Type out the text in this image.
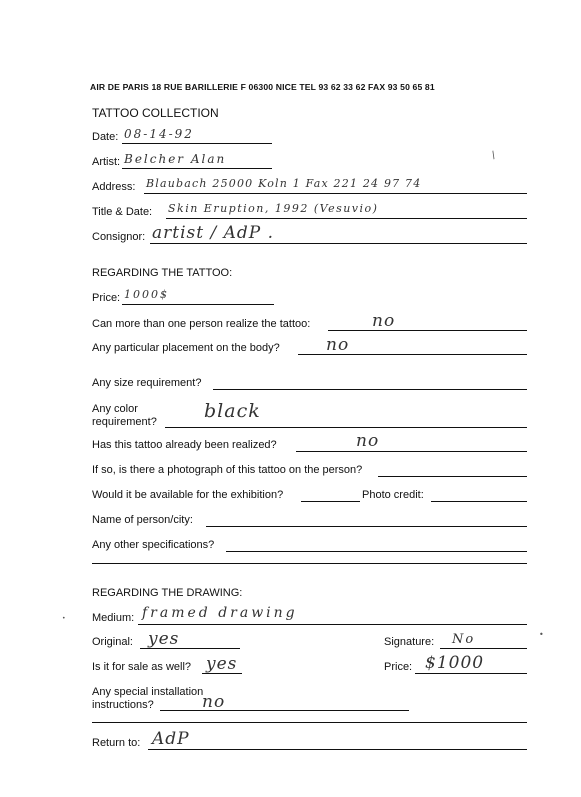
AIR DE PARIS 18 RUE BARILLERIE F 06300 NICE TEL 93 62 33 62 FAX 93 50 65 81
TATTOO COLLECTION
Date: 08-14-92
Artist: Belcher Alan	/
Address: Blaubach 25000 Koln 1 Fax 221 24 97 74
Title & Date: Skin Eruption, 1992 (Vesuvio)
Consignor: artist / AdP .
REGARDING THE TATTOO:
Price: 1000$
Can more than one person realize the tattoo:	no
Any particular placement on the body?	no
Any size requirement?
Any color
requirement? black
Has this tattoo already been realized?	no
If so, is there a photograph of this tattoo on the person?
Would it be available for the exhibition?	Photo credit:
Name of person/city:
Any other specifications?
REGARDING THE DRAWING:
Medium: framed drawing
Original: yes	Signature: No	•
Is it for sale as well? yes	Price: $1000
Any special installation
instructions?	no
Return to: AdP
•
